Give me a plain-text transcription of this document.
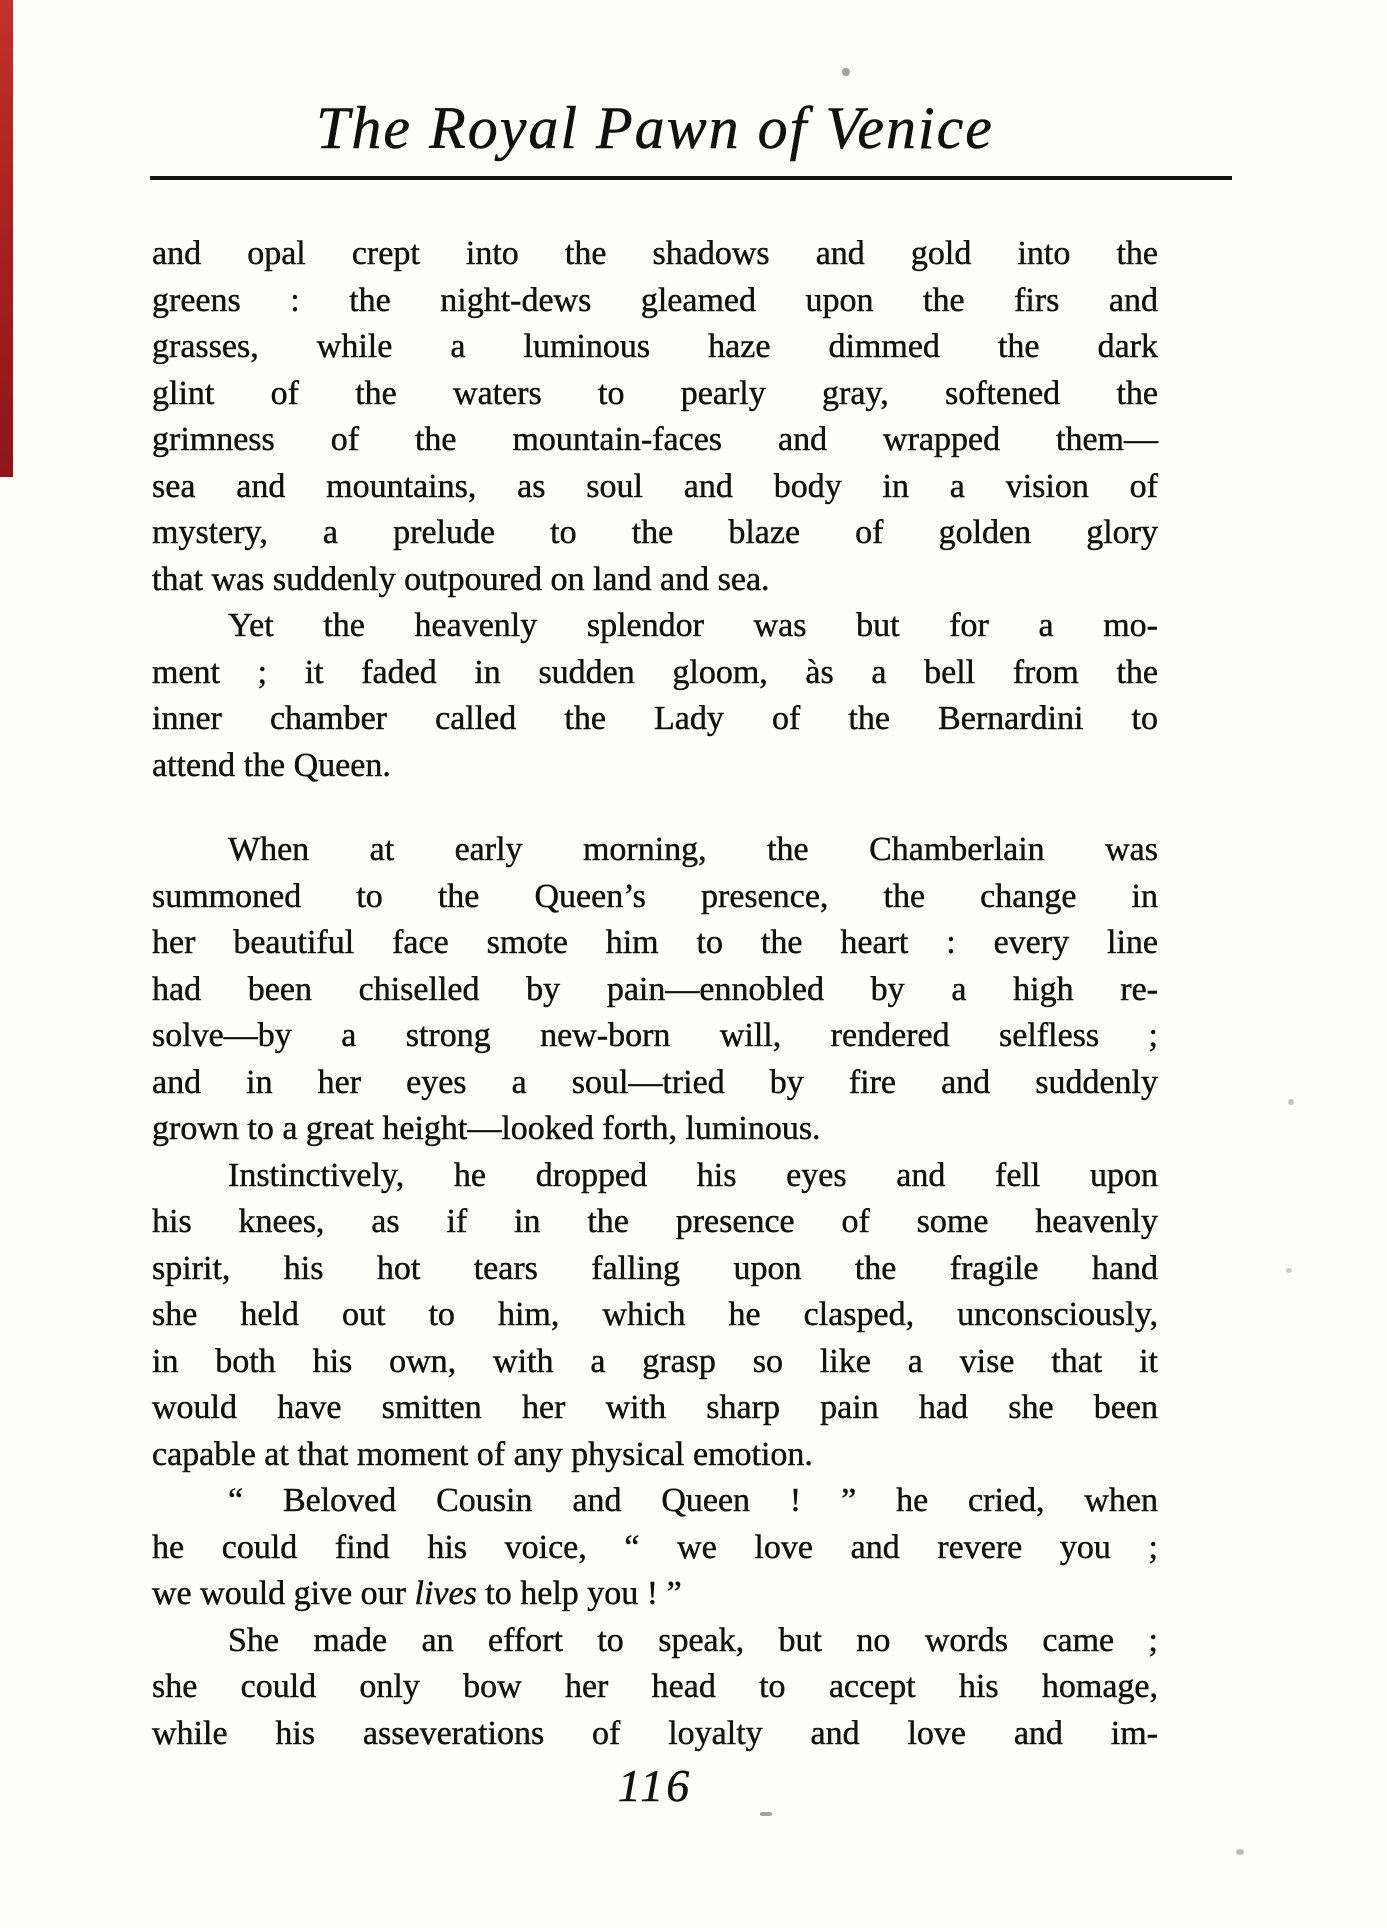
The Royal Pawn of Venice
and opal crept into the shadows and gold into the
greens : the night-dews gleamed upon the firs and
grasses, while a luminous haze dimmed the dark
glint of the waters to pearly gray, softened the
grimness of the mountain-faces and wrapped them—
sea and mountains, as soul and body in a vision of
mystery, a prelude to the blaze of golden glory
that was suddenly outpoured on land and sea.
Yet the heavenly splendor was but for a mo-
ment ; it faded in sudden gloom, às a bell from the
inner chamber called the Lady of the Bernardini to
attend the Queen.
When at early morning, the Chamberlain was
summoned to the Queen’s presence, the change in
her beautiful face smote him to the heart : every line
had been chiselled by pain—ennobled by a high re-
solve—by a strong new-born will, rendered selfless ;
and in her eyes a soul—tried by fire and suddenly
grown to a great height—looked forth, luminous.
Instinctively, he dropped his eyes and fell upon
his knees, as if in the presence of some heavenly
spirit, his hot tears falling upon the fragile hand
she held out to him, which he clasped, unconsciously,
in both his own, with a grasp so like a vise that it
would have smitten her with sharp pain had she been
capable at that moment of any physical emotion.
“ Beloved Cousin and Queen ! ” he cried, when
he could find his voice, “ we love and revere you ;
we would give our lives to help you ! ”
She made an effort to speak, but no words came ;
she could only bow her head to accept his homage,
while his asseverations of loyalty and love and im-
116
